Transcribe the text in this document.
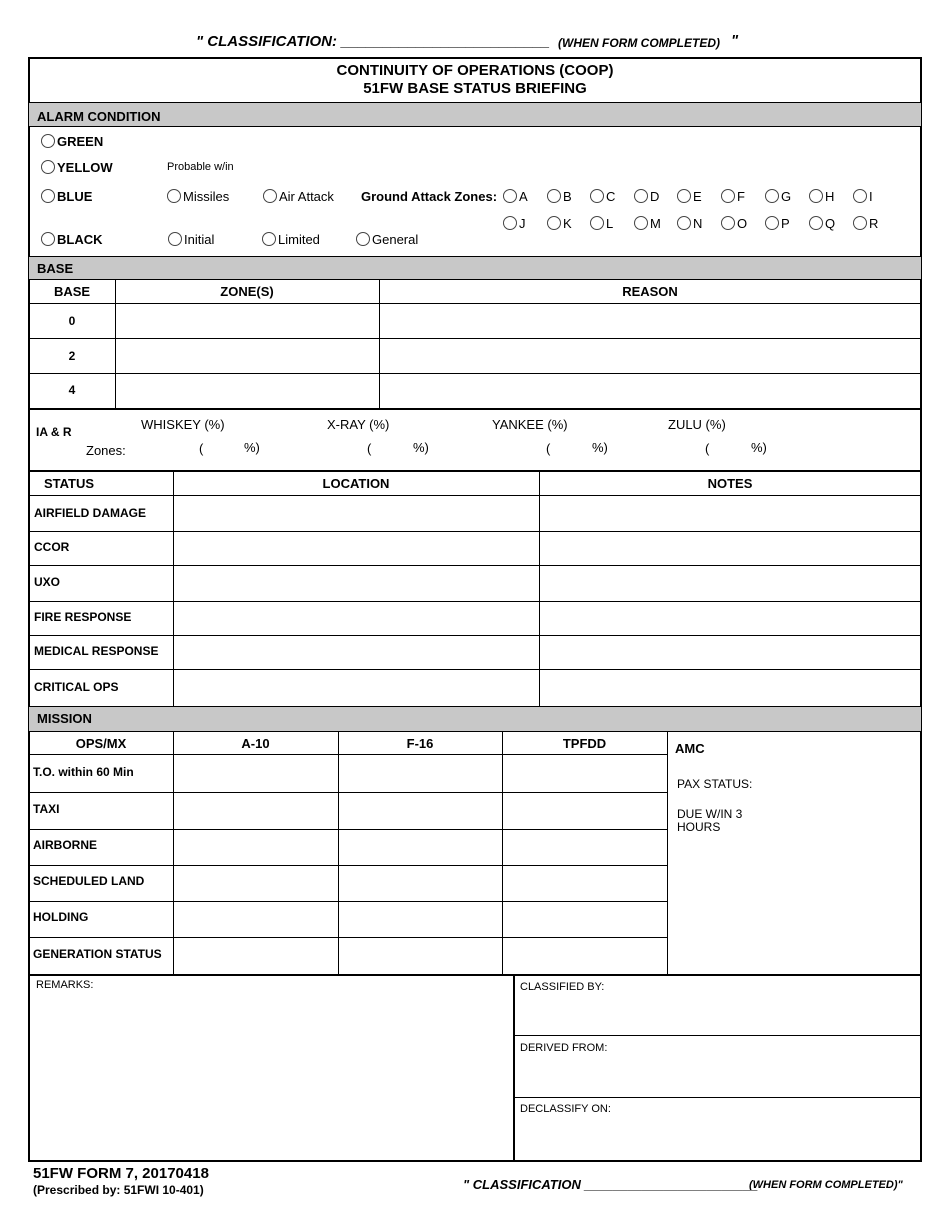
" CLASSIFICATION: _________________________ (WHEN FORM COMPLETED) "
CONTINUITY OF OPERATIONS (COOP)
51FW BASE STATUS BRIEFING
ALARM CONDITION
GREEN
YELLOW	Probable w/in
BLUE	Missiles	Air Attack Ground Attack Zones:	A	B	C	D	E	F	G	H	I
J	K	L	M	N	O	P	Q	R
BLACK	Initial	Limited	General
BASE
BASE	ZONE(S)	REASON
0
2
4
IA & R
Zones:
WHISKEY (%)	X-RAY (%)	YANKEE (%)	ZULU (%)
(	%)	(	%)	(	%)	(	%)
STATUS	LOCATION	NOTES
AIRFIELD DAMAGE
CCOR
UXO
FIRE RESPONSE
MEDICAL RESPONSE
CRITICAL OPS
MISSION
OPS/MX	A-10	F-16	TPFDD	AMC
PAX STATUS:
DUE W/IN 3
HOURS
T.O. within 60 Min
TAXI
AIRBORNE
SCHEDULED LAND
HOLDING
GENERATION STATUS
REMARKS:	CLASSIFIED BY:
DERIVED FROM:
DECLASSIFY ON:
51FW FORM 7, 20170418
(Prescribed by: 51FWI 10-401)	" CLASSIFICATION ________________________
(WHEN FORM COMPLETED)"
